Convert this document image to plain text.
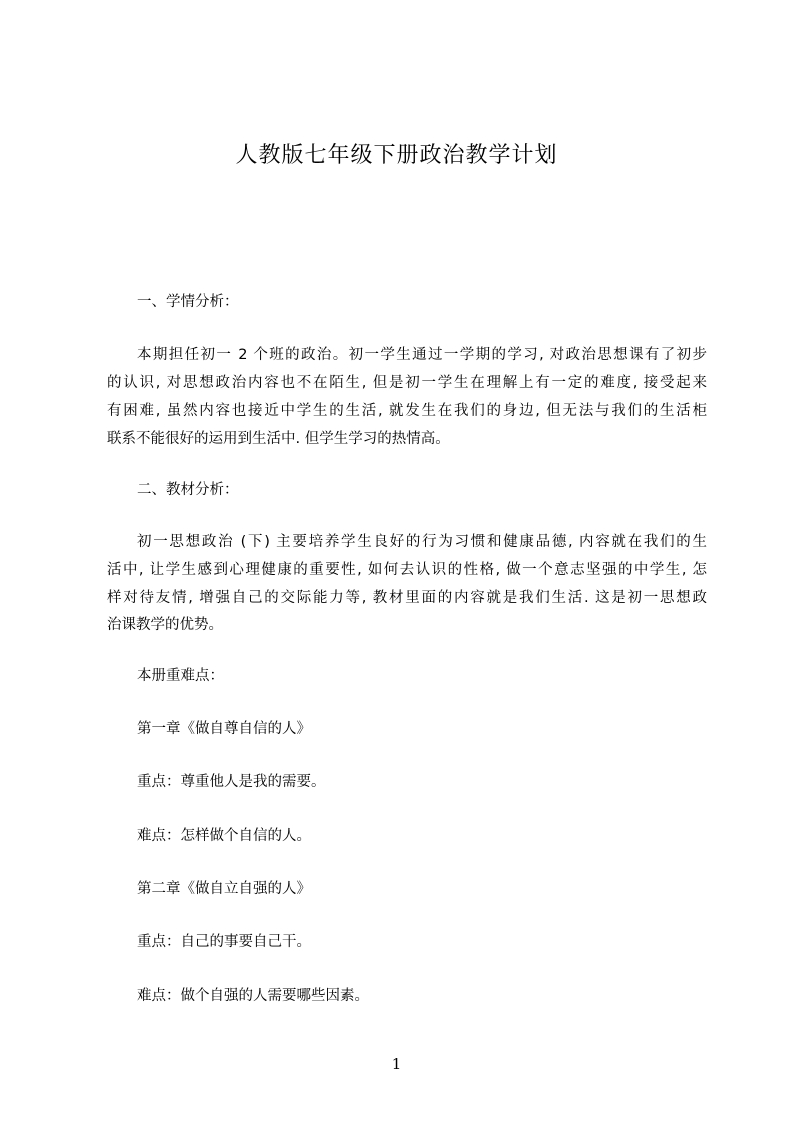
人教版七年级下册政治教学计划
一、学情分析：
本期担任初一 2 个班的政治。初一学生通过一学期的学习, 对政治思想课有了初步
的认识, 对思想政治内容也不在陌生, 但是初一学生在理解上有一定的难度, 接受起来
有困难, 虽然内容也接近中学生的生活, 就发生在我们的身边, 但无法与我们的生活柜
联系不能很好的运用到生活中. 但学生学习的热情高。
二、教材分析：
初一思想政治 (下) 主要培养学生良好的行为习惯和健康品德, 内容就在我们的生
活中, 让学生感到心理健康的重要性, 如何去认识的性格, 做一个意志坚强的中学生, 怎
样对待友情, 增强自己的交际能力等, 教材里面的内容就是我们生活. 这是初一思想政
治课教学的优势。
本册重难点：
第一章《做自尊自信的人》
重点：尊重他人是我的需要。
难点：怎样做个自信的人。
第二章《做自立自强的人》
重点：自己的事要自己干。
难点：做个自强的人需要哪些因素。
1
